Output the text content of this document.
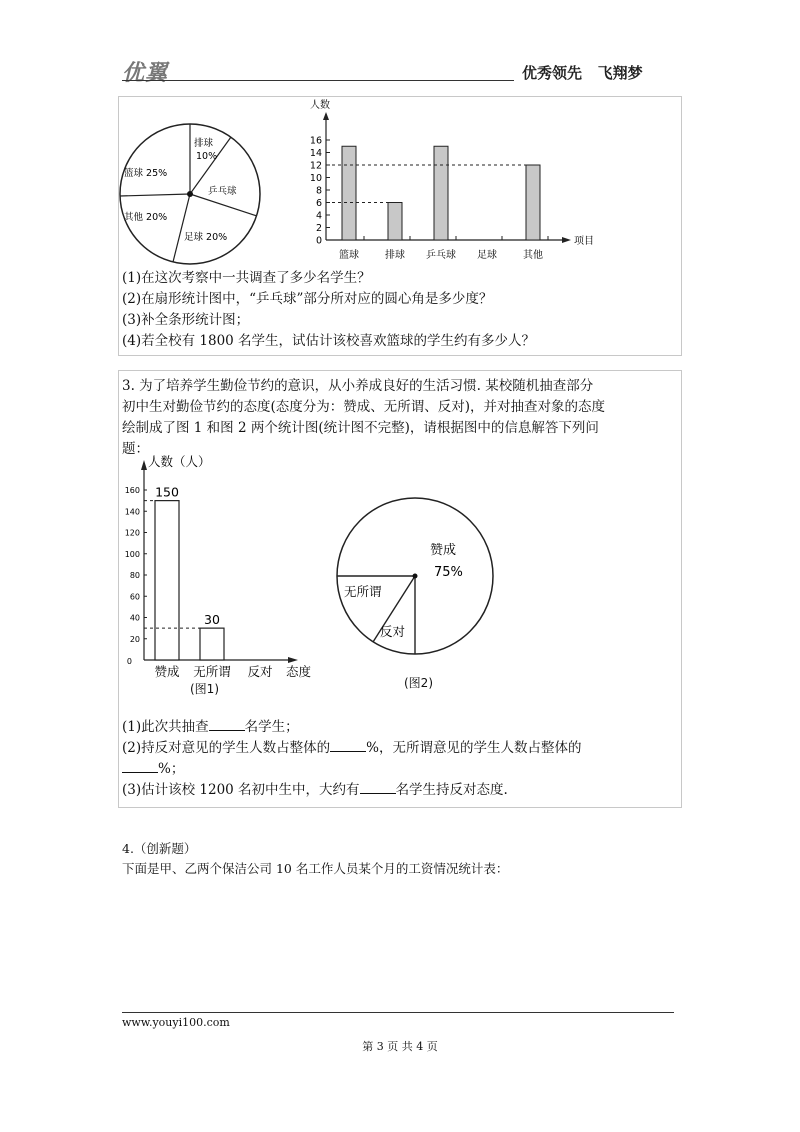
优翼	优秀领先   飞翔梦
排球
10%
篮球 25%
乒乓球
其他 20%
足球 20%
人数
项目
0
2
4
6
8
10
12
14
16
篮球	排球 乒乓球 足球	其他
(1)在这次考察中一共调查了多少名学生？
(2)在扇形统计图中，“乒乓球”部分所对应的圆心角是多少度？
(3)补全条形统计图；
(4)若全校有 1800 名学生，试估计该校喜欢篮球的学生约有多少人？
3. 为了培养学生勤俭节约的意识，从小养成良好的生活习惯. 某校随机抽查部分
初中生对勤俭节约的态度(态度分为：赞成、无所谓、反对)，并对抽查对象的态度
绘制成了图 1 和图 2 两个统计图(统计图不完整)，请根据图中的信息解答下列问
题：
人数（人）
态度
0
20
40
60
80
100
120
140
160 150
赞成
30
无所谓 反对
(图1)
赞成
75%
无所谓
反对
(图2)
(1)此次共抽查	名学生；
(2)持反对意见的学生人数占整体的	%，无所谓意见的学生人数占整体的
%；
(3)估计该校 1200 名初中生中，大约有	名学生持反对态度.
4.（创新题）
下面是甲、乙两个保洁公司 10 名工作人员某个月的工资情况统计表：
www.youyi100.com
第 3 页 共 4 页
